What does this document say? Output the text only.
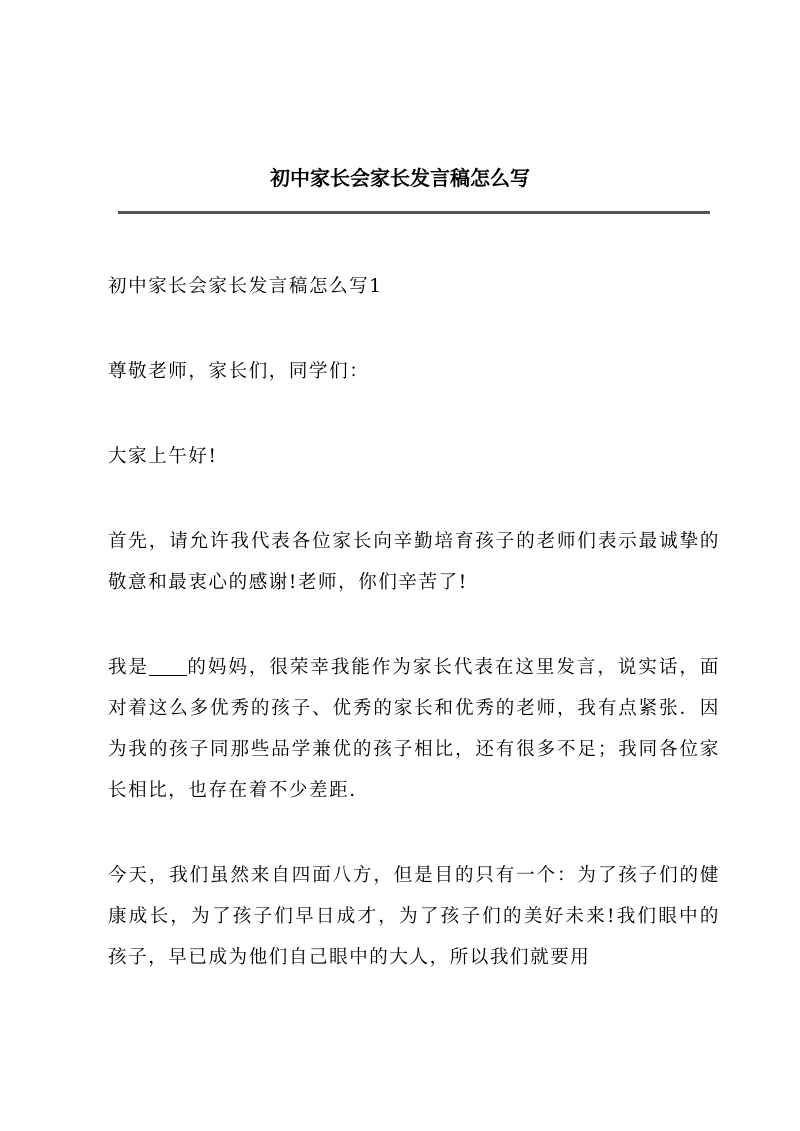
初中家长会家长发言稿怎么写

初中家长会家长发言稿怎么写1

尊敬老师，家长们，同学们：

大家上午好!

首先，请允许我代表各位家长向辛勤培育孩子的老师们表示最诚挚的敬意和最衷心的感谢!老师，你们辛苦了!

我是 的妈妈，很荣幸我能作为家长代表在这里发言，说实话，面对着这么多优秀的孩子、优秀的家长和优秀的老师，我有点紧张．因为我的孩子同那些品学兼优的孩子相比，还有很多不足；我同各位家长相比，也存在着不少差距.

今天，我们虽然来自四面八方，但是目的只有一个：为了孩子们的健康成长，为了孩子们早日成才，为了孩子们的美好未来!我们眼中的孩子，早已成为他们自己眼中的大人，所以我们就要用
